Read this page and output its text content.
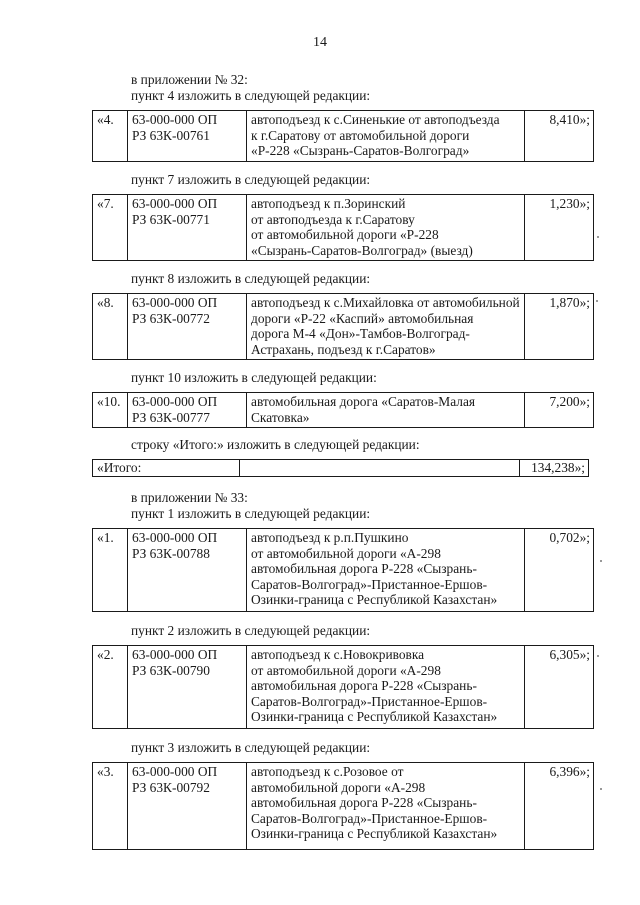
14
в приложении № 32:
пункт 4 изложить в следующей редакции:
«4.	63-000-000 ОП
РЗ 63К-00761

автоподъезд к с.Синенькие от автоподъезда
к г.Саратову от автомобильной дороги
«Р-228 «Сызрань-Саратов-Волгоград»
	8,410»;
пункт 7 изложить в следующей редакции:
«7.	63-000-000 ОП
РЗ 63К-00771

автоподъезд к п.Зоринский
от автоподъезда к г.Саратову
от автомобильной дороги «Р-228
«Сызрань-Саратов-Волгоград» (выезд)
	1,230»;
пункт 8 изложить в следующей редакции:
«8.	63-000-000 ОП
РЗ 63К-00772

автоподъезд к с.Михайловка от автомобильной
дороги «Р-22 «Каспий» автомобильная
дорога М-4 «Дон»-Тамбов-Волгоград-
Астрахань, подъезд к г.Саратов»
	1,870»;
пункт 10 изложить в следующей редакции:
«10.	63-000-000 ОП
РЗ 63К-00777

автомобильная дорога «Саратов-Малая
Скатовка»
	7,200»;
строку «Итого:» изложить в следующей редакции:
«Итого:		134,238»;
в приложении № 33:
пункт 1 изложить в следующей редакции:
«1.	63-000-000 ОП
РЗ 63К-00788

автоподъезд к р.п.Пушкино
от автомобильной дороги «А-298
автомобильная дорога Р-228 «Сызрань-
Саратов-Волгоград»-Пристанное-Ершов-
Озинки-граница с Республикой Казахстан»
	0,702»;
пункт 2 изложить в следующей редакции:
«2.	63-000-000 ОП
РЗ 63К-00790

автоподъезд к с.Новокривовка
от автомобильной дороги «А-298
автомобильная дорога Р-228 «Сызрань-
Саратов-Волгоград»-Пристанное-Ершов-
Озинки-граница с Республикой Казахстан»
	6,305»;
пункт 3 изложить в следующей редакции:
«3.	63-000-000 ОП
РЗ 63К-00792

автоподъезд к с.Розовое от
автомобильной дороги «А-298
автомобильная дорога Р-228 «Сызрань-
Саратов-Волгоград»-Пристанное-Ершов-
Озинки-граница с Республикой Казахстан»
	6,396»;
